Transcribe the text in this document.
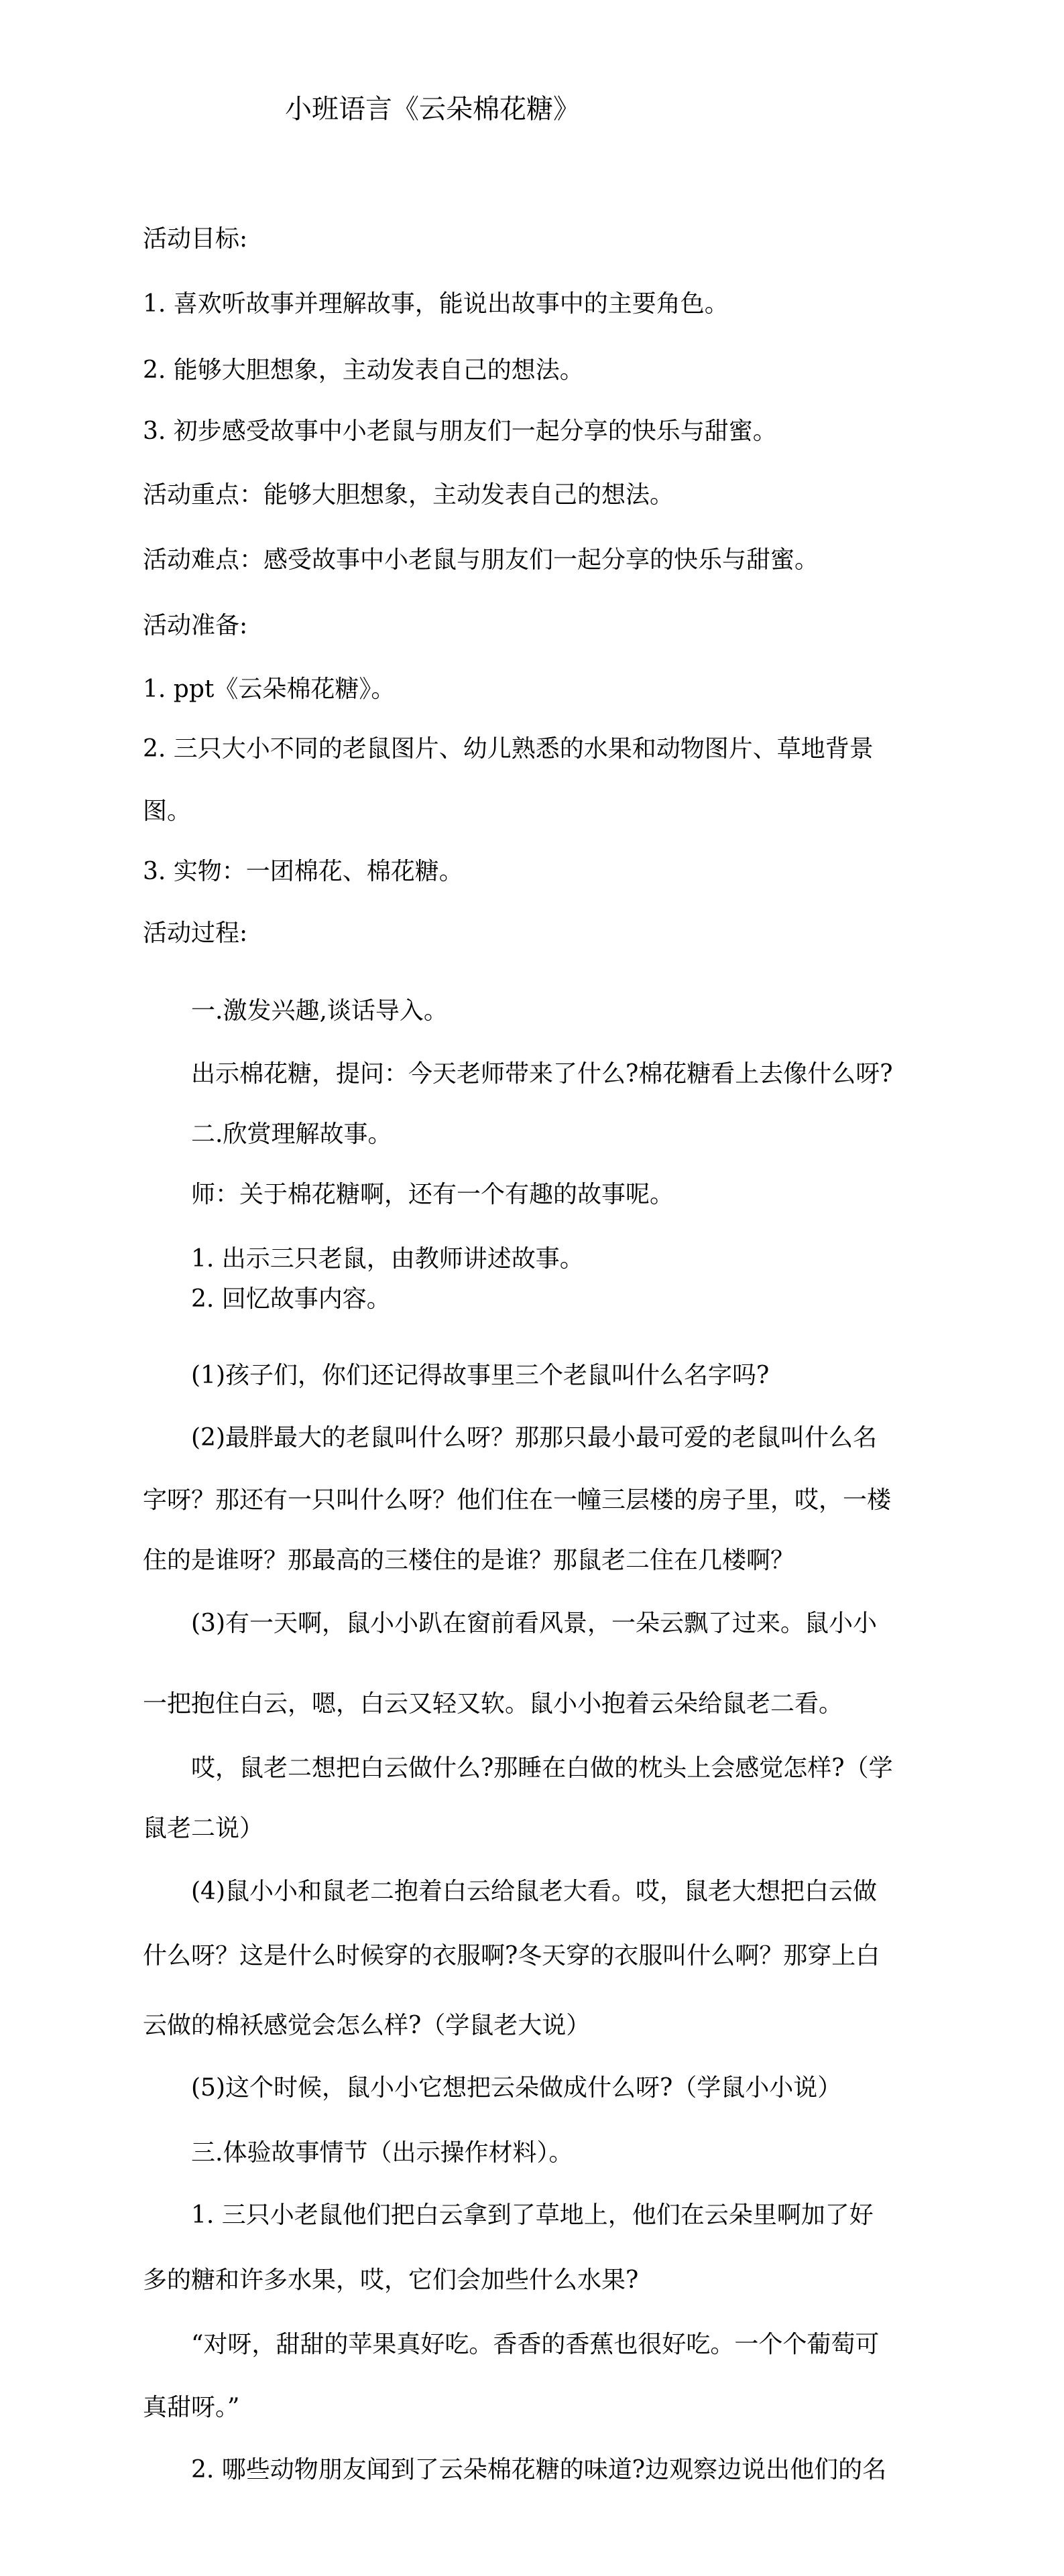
小班语言《云朵棉花糖》
活动目标:
1. 喜欢听故事并理解故事，能说出故事中的主要角色。
2. 能够大胆想象，主动发表自己的想法。
3. 初步感受故事中小老鼠与朋友们一起分享的快乐与甜蜜。
活动重点：能够大胆想象，主动发表自己的想法。
活动难点：感受故事中小老鼠与朋友们一起分享的快乐与甜蜜。
活动准备:
1. ppt《云朵棉花糖》。
2. 三只大小不同的老鼠图片、幼儿熟悉的水果和动物图片、草地背景
图。
3. 实物：一团棉花、棉花糖。
活动过程:
一.激发兴趣,谈话导入。
出示棉花糖，提问：今天老师带来了什么?棉花糖看上去像什么呀?
二.欣赏理解故事。
师：关于棉花糖啊，还有一个有趣的故事呢。
1. 出示三只老鼠，由教师讲述故事。
2. 回忆故事内容。
(1)孩子们，你们还记得故事里三个老鼠叫什么名字吗?
(2)最胖最大的老鼠叫什么呀？那那只最小最可爱的老鼠叫什么名
字呀？那还有一只叫什么呀？他们住在一幢三层楼的房子里，哎，一楼
住的是谁呀？那最高的三楼住的是谁？那鼠老二住在几楼啊？
(3)有一天啊，鼠小小趴在窗前看风景，一朵云飘了过来。鼠小小
一把抱住白云，嗯，白云又轻又软。鼠小小抱着云朵给鼠老二看。
哎，鼠老二想把白云做什么?那睡在白做的枕头上会感觉怎样?（学
鼠老二说）
(4)鼠小小和鼠老二抱着白云给鼠老大看。哎，鼠老大想把白云做
什么呀？这是什么时候穿的衣服啊?冬天穿的衣服叫什么啊？那穿上白
云做的棉袄感觉会怎么样?（学鼠老大说）
(5)这个时候，鼠小小它想把云朵做成什么呀?（学鼠小小说）
三.体验故事情节（出示操作材料）。
1. 三只小老鼠他们把白云拿到了草地上，他们在云朵里啊加了好
多的糖和许多水果，哎，它们会加些什么水果?
“对呀，甜甜的苹果真好吃。香香的香蕉也很好吃。一个个葡萄可
真甜呀。”
2. 哪些动物朋友闻到了云朵棉花糖的味道?边观察边说出他们的名
